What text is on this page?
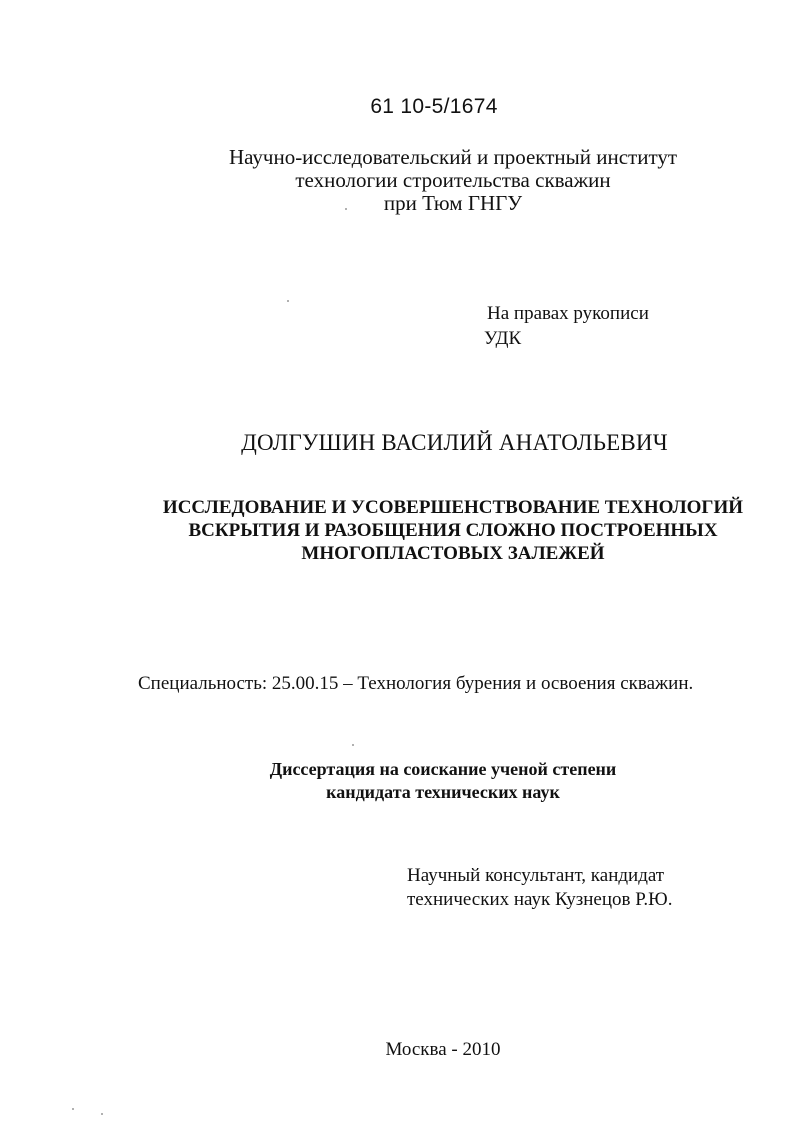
61 10-5/1674
Научно-исследовательский и проектный институт
технологии строительства скважин
при Тюм ГНГУ
На правах рукописи
УДК
ДОЛГУШИН ВАСИЛИЙ АНАТОЛЬЕВИЧ
ИССЛЕДОВАНИЕ И УСОВЕРШЕНСТВОВАНИЕ ТЕХНОЛОГИЙ
ВСКРЫТИЯ И РАЗОБЩЕНИЯ СЛОЖНО ПОСТРОЕННЫХ
МНОГОПЛАСТОВЫХ ЗАЛЕЖЕЙ
Специальность: 25.00.15 – Технология бурения и освоения скважин.
Диссертация на соискание ученой степени
кандидата технических наук
Научный консультант, кандидат
технических наук Кузнецов Р.Ю.
Москва - 2010
